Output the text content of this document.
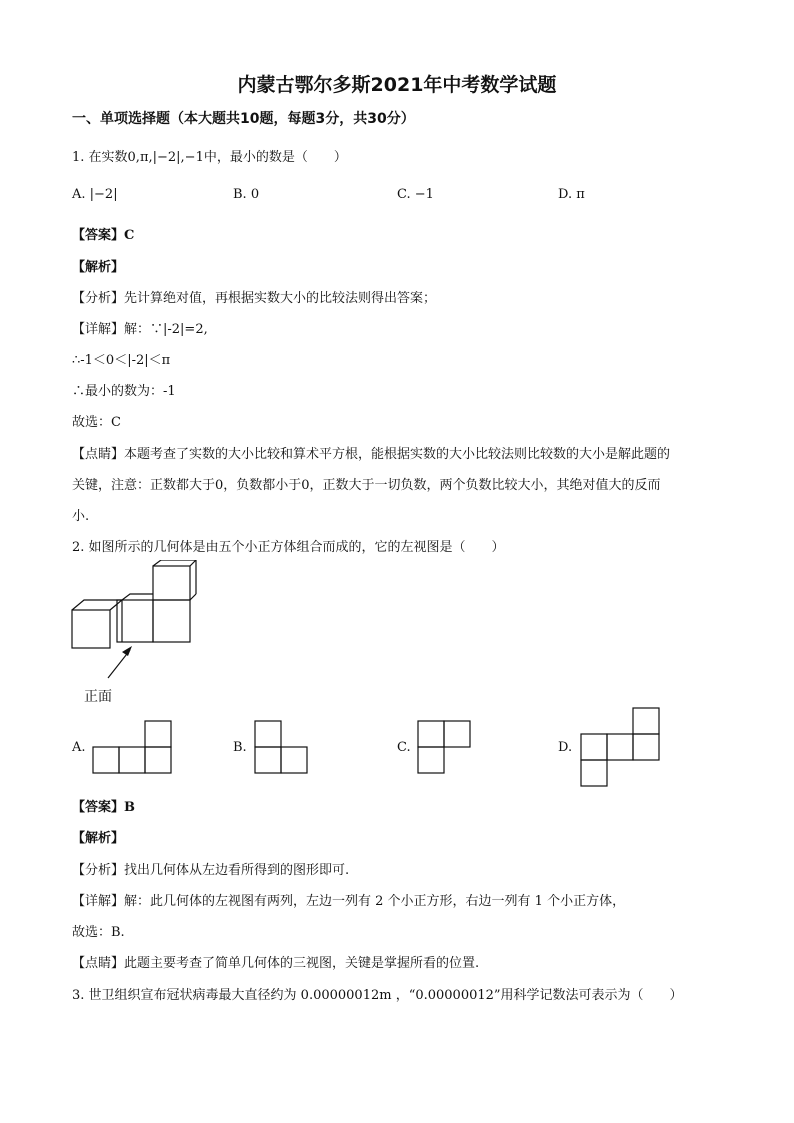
内蒙古鄂尔多斯2021年中考数学试题
一、单项选择题（本大题共10题，每题3分，共30分）
1. 在实数0,π,|−2|,−1中，最小的数是（　　）
A. |−2|	B. 0	C. −1	D. π
【答案】C
【解析】
【分析】先计算绝对值，再根据实数大小的比较法则得出答案；
【详解】解：∵|-2|=2,
∴-1＜0＜|-2|＜π
∴最小的数为：-1
故选：C
【点睛】本题考查了实数的大小比较和算术平方根，能根据实数的大小比较法则比较数的大小是解此题的
关键，注意：正数都大于0，负数都小于0，正数大于一切负数，两个负数比较大小，其绝对值大的反而
小.
2. 如图所示的几何体是由五个小正方体组合而成的，它的左视图是（　　）
正面
A.	B.	C.	D.
【答案】B
【解析】
【分析】找出几何体从左边看所得到的图形即可.
【详解】解：此几何体的左视图有两列，左边一列有 2 个小正方形，右边一列有 1 个小正方体，
故选：B.
【点睛】此题主要考查了简单几何体的三视图，关键是掌握所看的位置.
3. 世卫组织宣布冠状病毒最大直径约为 0.00000012m ，“0.00000012”用科学记数法可表示为（　　）
